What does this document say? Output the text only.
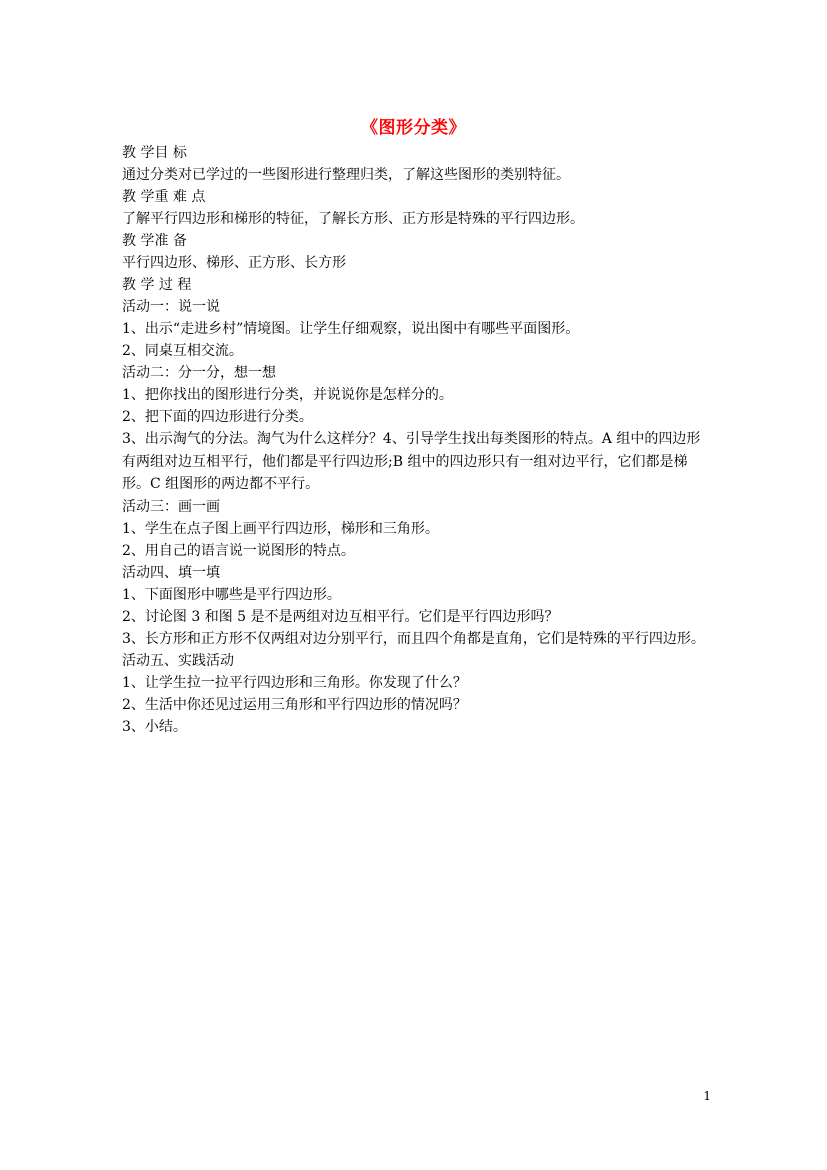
《图形分类》

教 学目 标

通过分类对已学过的一些图形进行整理归类，了解这些图形的类别特征。

教 学重 难 点

了解平行四边形和梯形的特征，了解长方形、正方形是特殊的平行四边形。

教 学准 备

平行四边形、梯形、正方形、长方形

教 学 过 程

活动一：说一说

1、出示“走进乡村”情境图。让学生仔细观察，说出图中有哪些平面图形。

2、同桌互相交流。

活动二：分一分，想一想

1、把你找出的图形进行分类，并说说你是怎样分的。

2、把下面的四边形进行分类。

3、出示淘气的分法。淘气为什么这样分？4、引导学生找出每类图形的特点。A 组中的四边形有两组对边互相平行，他们都是平行四边形;B 组中的四边形只有一组对边平行，它们都是梯形。C 组图形的两边都不平行。

活动三：画一画

1、学生在点子图上画平行四边形，梯形和三角形。

2、用自己的语言说一说图形的特点。

活动四、填一填

1、下面图形中哪些是平行四边形。

2、讨论图 3 和图 5 是不是两组对边互相平行。它们是平行四边形吗？

3、长方形和正方形不仅两组对边分别平行，而且四个角都是直角，它们是特殊的平行四边形。

活动五、实践活动

1、让学生拉一拉平行四边形和三角形。你发现了什么？

2、生活中你还见过运用三角形和平行四边形的情况吗？

3、小结。

1
